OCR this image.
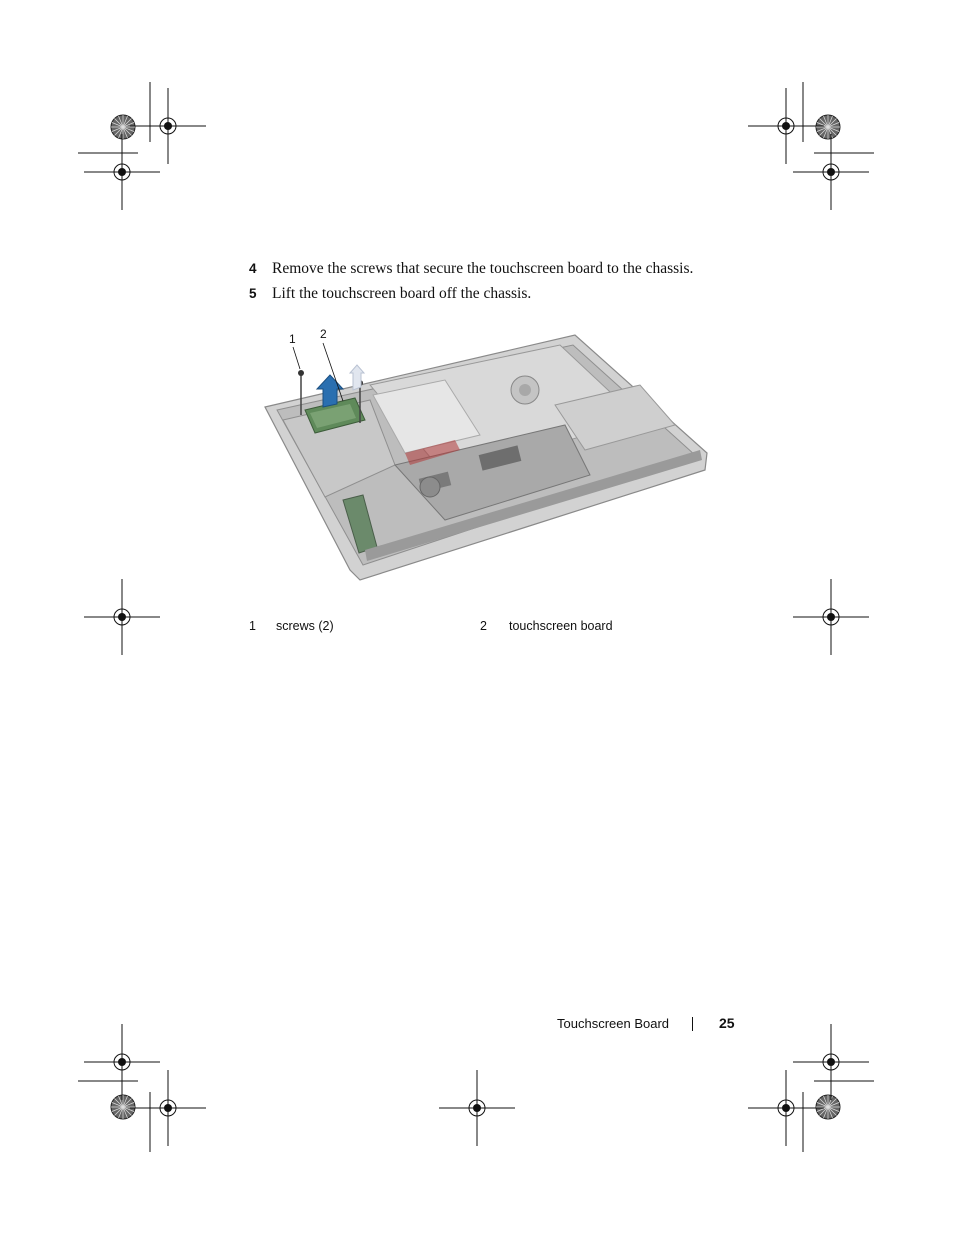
4 Remove the screws that secure the touchscreen board to the chassis.
5 Lift the touchscreen board off the chassis.
1 2
1 screws (2)	2 touchscreen board
Touchscreen Board	25
